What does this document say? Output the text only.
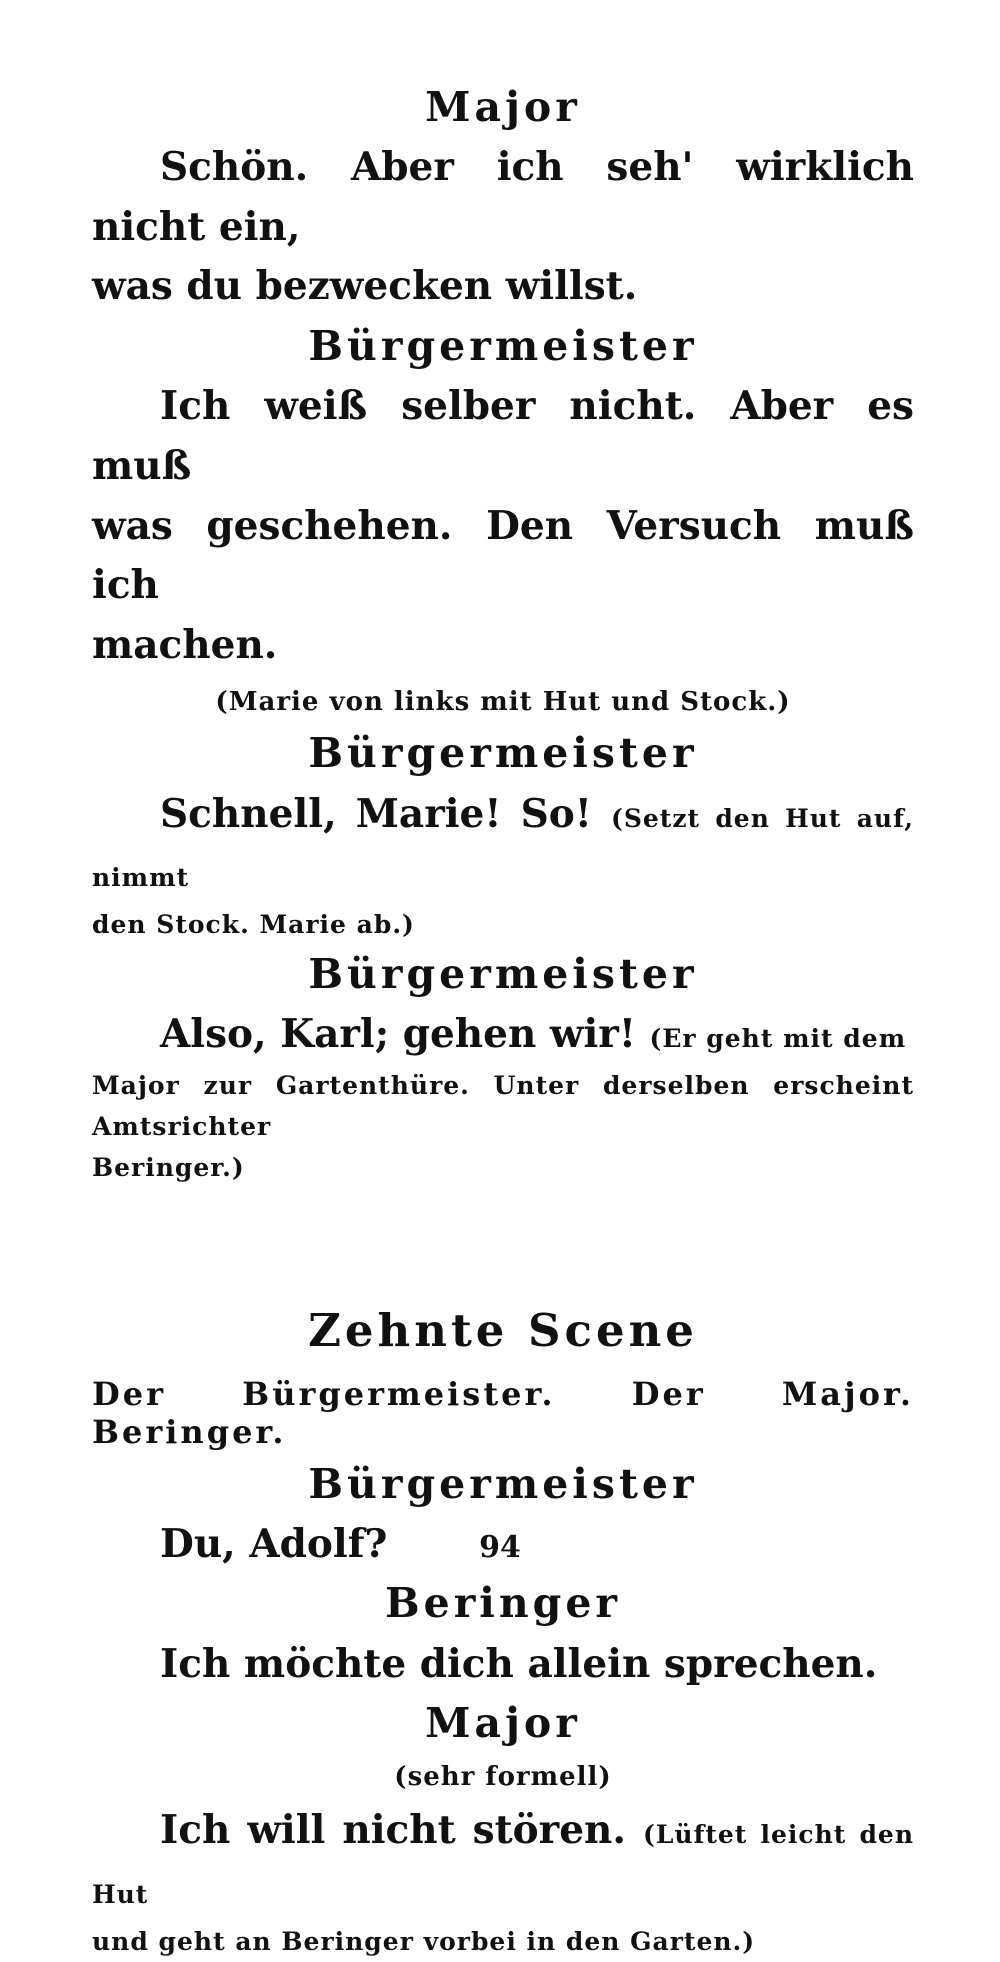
Major

Schön. Aber ich seh' wirklich nicht ein,

was du bezwecken willst.

Bürgermeister

Ich weiß selber nicht. Aber es muß

was geschehen. Den Versuch muß ich

machen.

(Marie von links mit Hut und Stock.)
Bürgermeister

Schnell, Marie! So! (Setzt den Hut auf, nimmt

den Stock. Marie ab.)

Bürgermeister

Also, Karl; gehen wir! (Er geht mit dem

Major zur Gartenthüre. Unter derselben erscheint Amtsrichter

Beringer.)

Zehnte Scene

Der Bürgermeister. Der Major. Beringer.

Bürgermeister

Du, Adolf?

Beringer

Ich möchte dich allein sprechen.

Major
(sehr formell)

Ich will nicht stören. (Lüftet leicht den Hut

und geht an Beringer vorbei in den Garten.)

94
